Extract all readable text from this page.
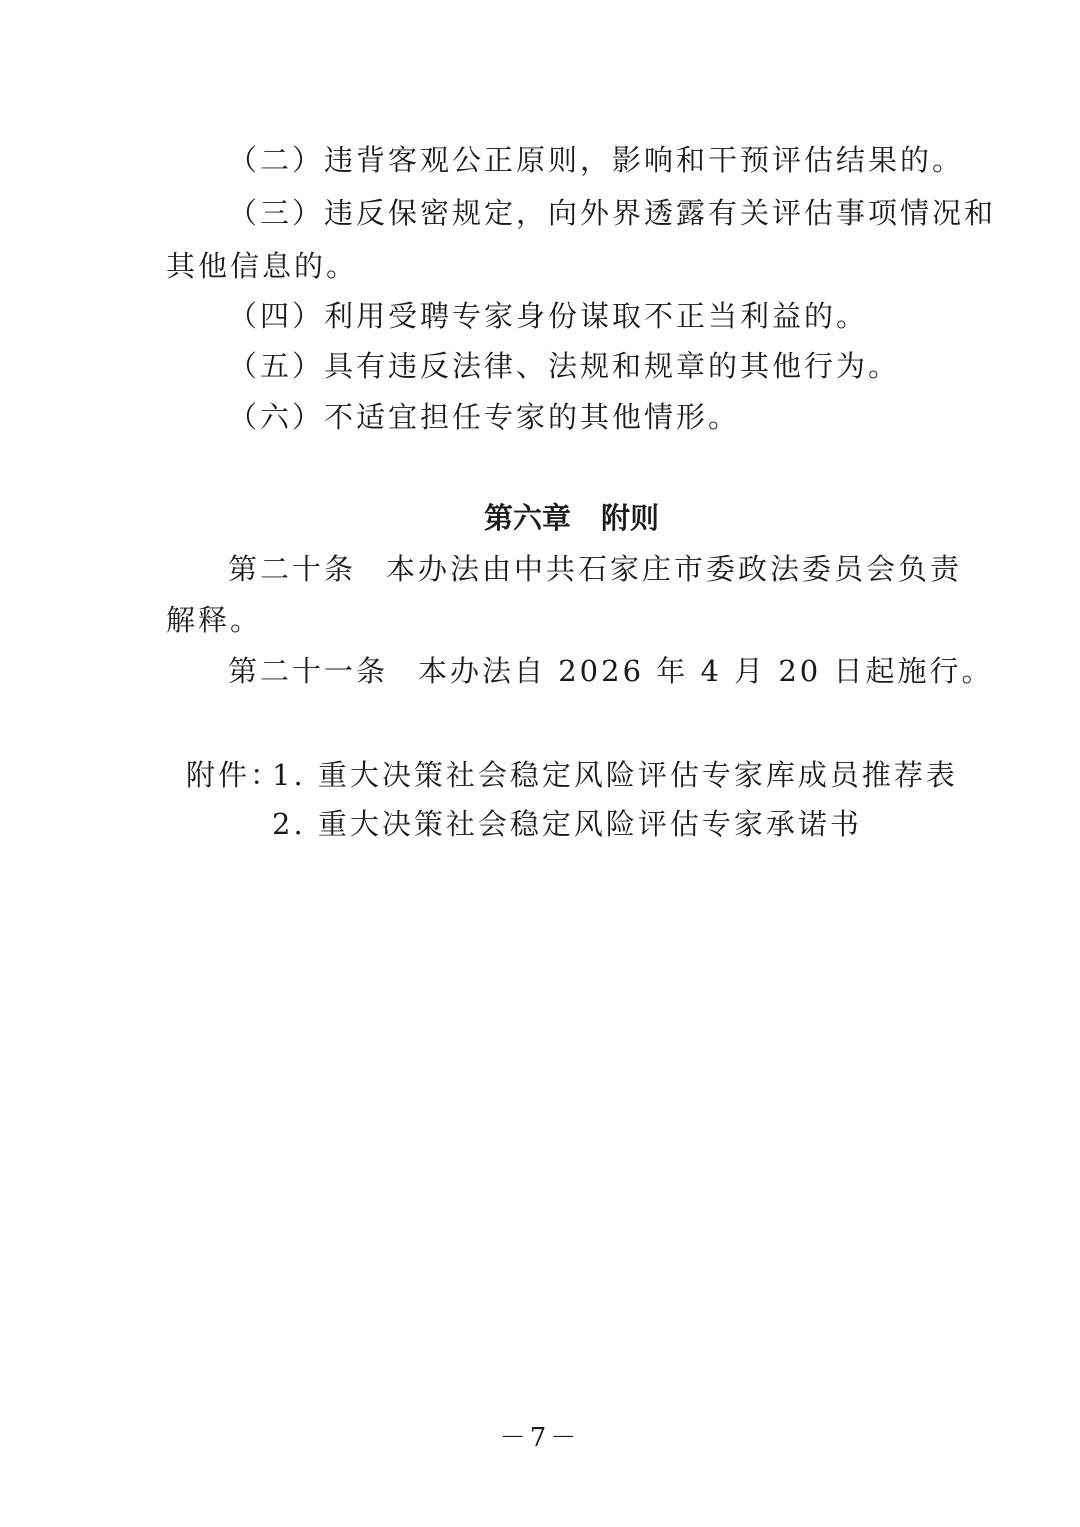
（二）违背客观公正原则，影响和干预评估结果的。
（三）违反保密规定，向外界透露有关评估事项情况和
其他信息的。
（四）利用受聘专家身份谋取不正当利益的。
（五）具有违反法律、法规和规章的其他行为。
（六）不适宜担任专家的其他情形。
第六章 附则
第二十条 本办法由中共石家庄市委政法委员会负责
解释。
第二十一条 本办法自 2026 年 4 月 20 日起施行。
附件：
1. 重大决策社会稳定风险评估专家库成员推荐表
2. 重大决策社会稳定风险评估专家承诺书
－7－
